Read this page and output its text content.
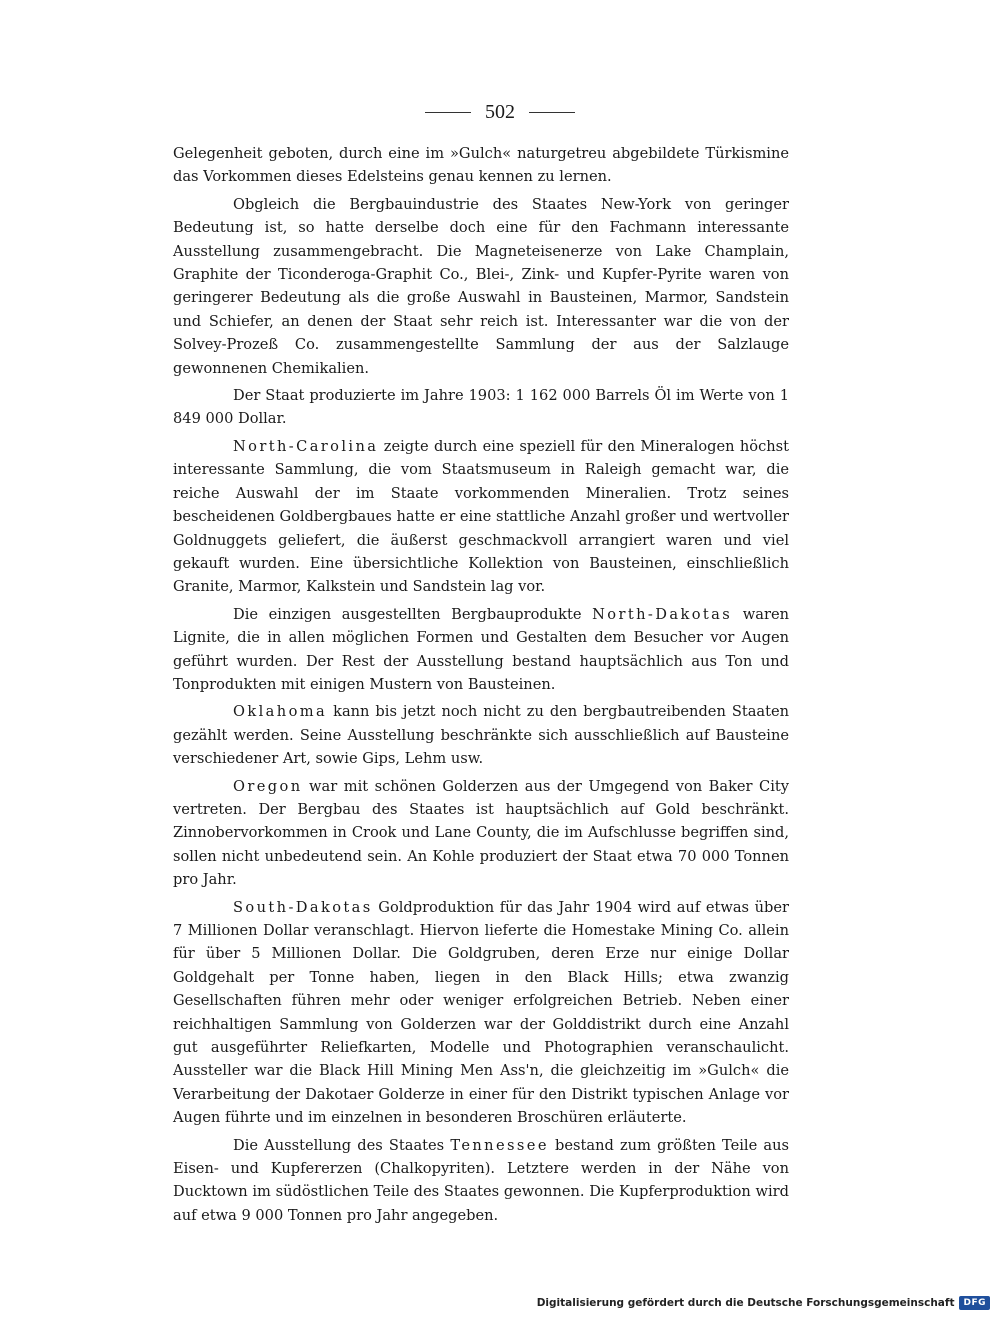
502

Gelegenheit geboten, durch eine im »Gulch« naturgetreu abgebildete Türkismine das Vorkommen dieses Edelsteins genau kennen zu lernen.

Obgleich die Bergbauindustrie des Staates New-York von geringer Bedeutung ist, so hatte derselbe doch eine für den Fachmann interessante Ausstellung zusammengebracht. Die Magneteisenerze von Lake Champlain, Graphite der Ticonderoga-Graphit Co., Blei-, Zink- und Kupfer-Pyrite waren von geringerer Bedeutung als die große Auswahl in Bausteinen, Marmor, Sandstein und Schiefer, an denen der Staat sehr reich ist. Interessanter war die von der Solvey-Prozeß Co. zusammengestellte Sammlung der aus der Salzlauge gewonnenen Chemikalien.

Der Staat produzierte im Jahre 1903: 1 162 000 Barrels Öl im Werte von 1 849 000 Dollar.

North-Carolina zeigte durch eine speziell für den Mineralogen höchst interessante Sammlung, die vom Staatsmuseum in Raleigh gemacht war, die reiche Auswahl der im Staate vorkommenden Mineralien. Trotz seines bescheidenen Goldbergbaues hatte er eine stattliche Anzahl großer und wertvoller Goldnuggets geliefert, die äußerst geschmackvoll arrangiert waren und viel gekauft wurden. Eine übersichtliche Kollektion von Bausteinen, einschließlich Granite, Marmor, Kalkstein und Sandstein lag vor.

Die einzigen ausgestellten Bergbauprodukte North-Dakotas waren Lignite, die in allen möglichen Formen und Gestalten dem Besucher vor Augen geführt wurden. Der Rest der Ausstellung bestand hauptsächlich aus Ton und Tonprodukten mit einigen Mustern von Bausteinen.

Oklahoma kann bis jetzt noch nicht zu den bergbautreibenden Staaten gezählt werden. Seine Ausstellung beschränkte sich ausschließlich auf Bausteine verschiedener Art, sowie Gips, Lehm usw.

Oregon war mit schönen Golderzen aus der Umgegend von Baker City vertreten. Der Bergbau des Staates ist hauptsächlich auf Gold beschränkt. Zinnobervorkommen in Crook und Lane County, die im Aufschlusse begriffen sind, sollen nicht unbedeutend sein. An Kohle produziert der Staat etwa 70 000 Tonnen pro Jahr.

South-Dakotas Goldproduktion für das Jahr 1904 wird auf etwas über 7 Millionen Dollar veranschlagt. Hiervon lieferte die Homestake Mining Co. allein für über 5 Millionen Dollar. Die Goldgruben, deren Erze nur einige Dollar Goldgehalt per Tonne haben, liegen in den Black Hills; etwa zwanzig Gesellschaften führen mehr oder weniger erfolgreichen Betrieb. Neben einer reichhaltigen Sammlung von Golderzen war der Golddistrikt durch eine Anzahl gut ausgeführter Reliefkarten, Modelle und Photographien veranschaulicht. Aussteller war die Black Hill Mining Men Ass'n, die gleichzeitig im »Gulch« die Verarbeitung der Dakotaer Golderze in einer für den Distrikt typischen Anlage vor Augen führte und im einzelnen in besonderen Broschüren erläuterte.

Die Ausstellung des Staates Tennessee bestand zum größten Teile aus Eisen- und Kupfererzen (Chalkopyriten). Letztere werden in der Nähe von Ducktown im südöstlichen Teile des Staates gewonnen. Die Kupferproduktion wird auf etwa 9 000 Tonnen pro Jahr angegeben.

Digitalisierung gefördert durch die Deutsche Forschungsgemeinschaft	DFG
